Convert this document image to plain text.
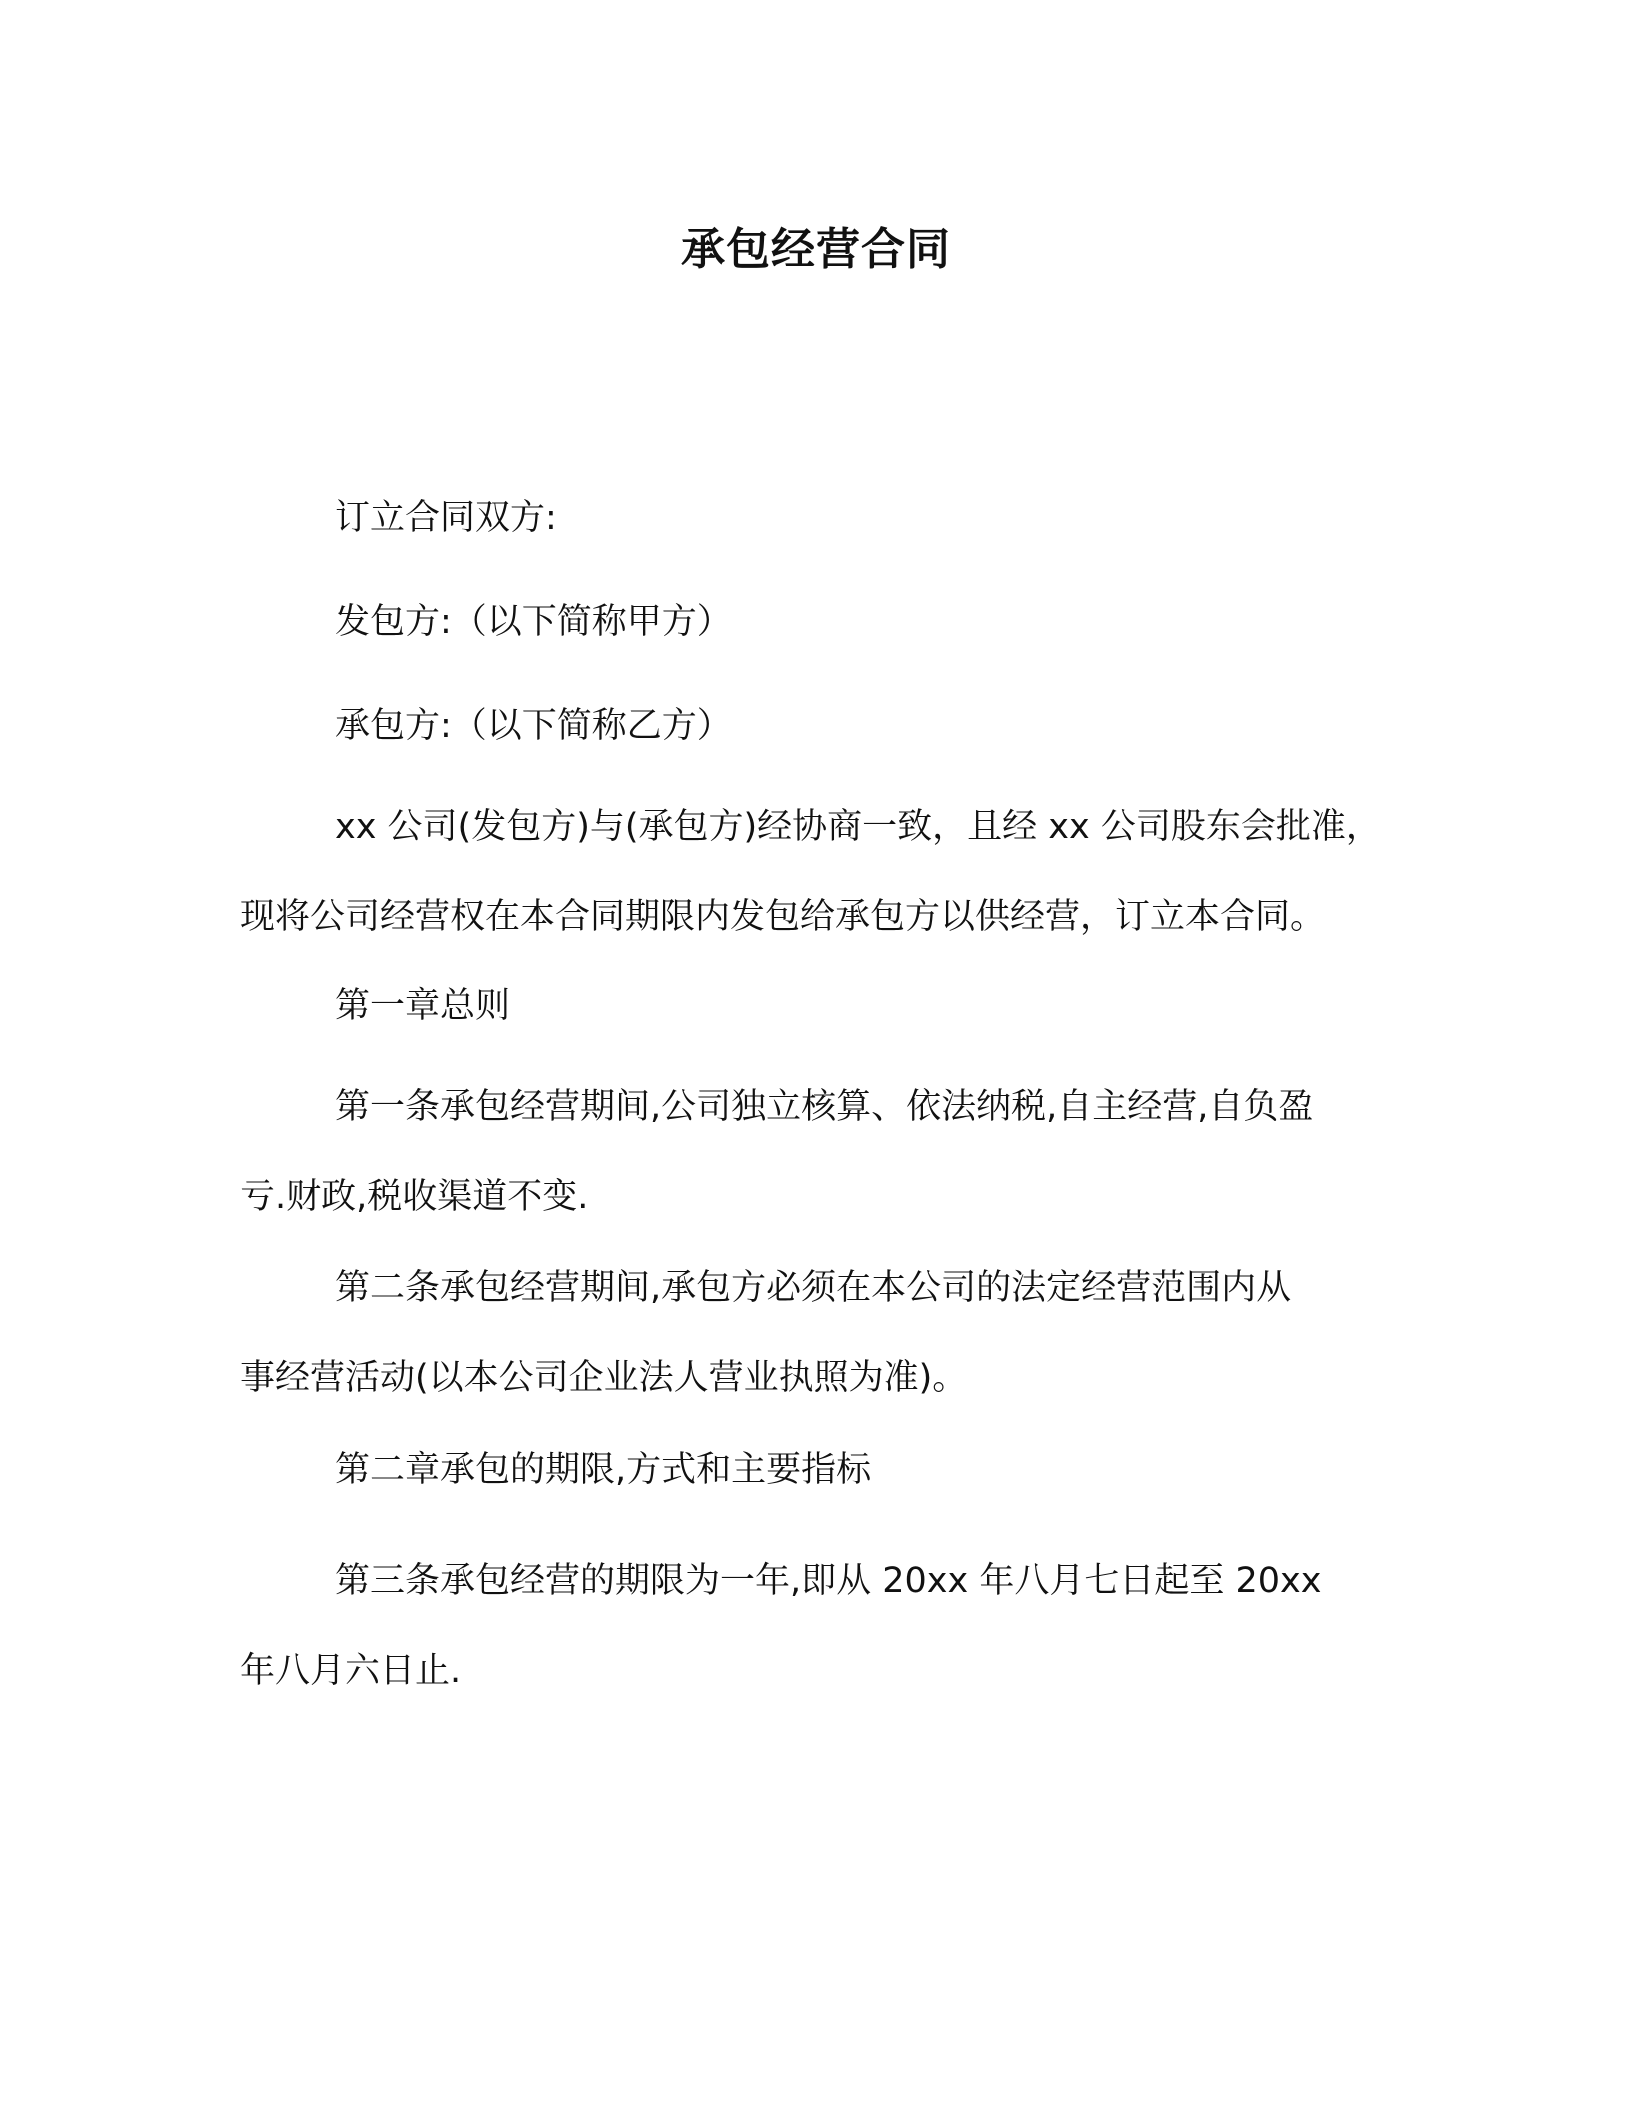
承包经营合同
订立合同双方:
发包方:（以下简称甲方）
承包方:（以下简称乙方）
xx 公司(发包方)与(承包方)经协商一致，且经 xx 公司股东会批准，
现将公司经营权在本合同期限内发包给承包方以供经营，订立本合同。
第一章总则
第一条承包经营期间,公司独立核算、依法纳税,自主经营,自负盈
亏.财政,税收渠道不变.
第二条承包经营期间,承包方必须在本公司的法定经营范围内从
事经营活动(以本公司企业法人营业执照为准)。
第二章承包的期限,方式和主要指标
第三条承包经营的期限为一年,即从 20xx 年八月七日起至 20xx
年八月六日止.
